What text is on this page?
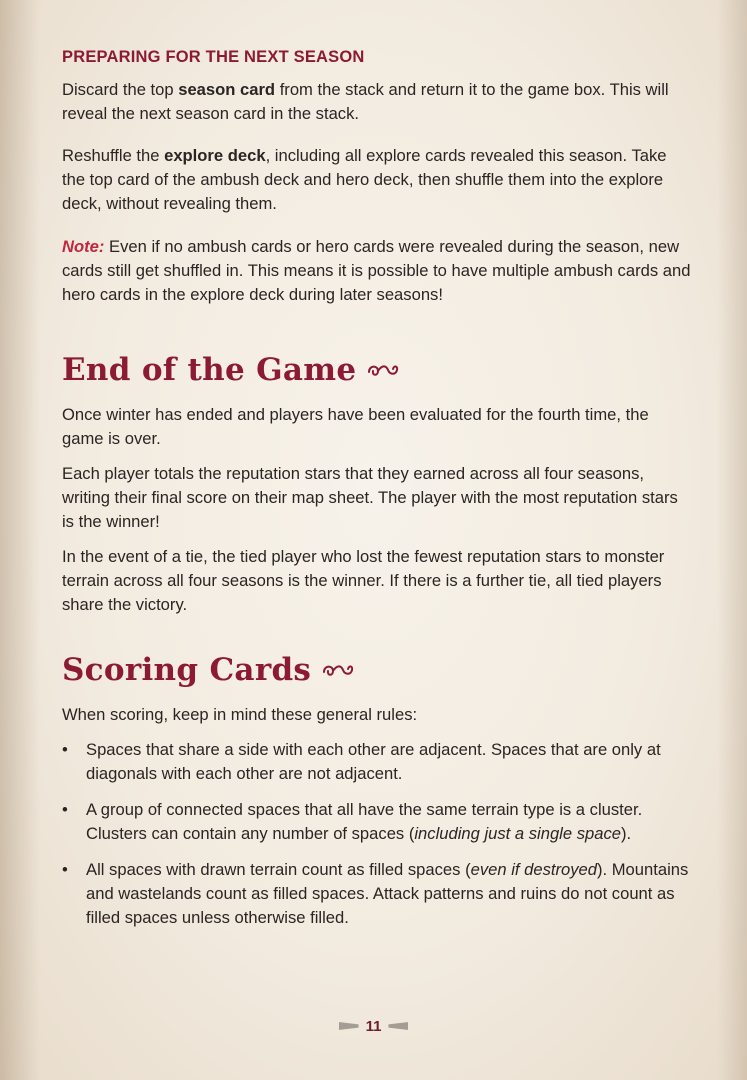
PREPARING FOR THE NEXT SEASON

Discard the top season card from the stack and return it to the game box. This will reveal the next season card in the stack.

Reshuffle the explore deck, including all explore cards revealed this season. Take the top card of the ambush deck and hero deck, then shuffle them into the explore deck, without revealing them.

Note: Even if no ambush cards or hero cards were revealed during the season, new cards still get shuffled in. This means it is possible to have multiple ambush cards and hero cards in the explore deck during later seasons!

End of the Game

Once winter has ended and players have been evaluated for the fourth time, the game is over.

Each player totals the reputation stars that they earned across all four seasons, writing their final score on their map sheet. The player with the most reputation stars is the winner!

In the event of a tie, the tied player who lost the fewest reputation stars to monster terrain across all four seasons is the winner. If there is a further tie, all tied players share the victory.

Scoring Cards

When scoring, keep in mind these general rules:

•	Spaces that share a side with each other are adjacent. Spaces that are only at diagonals with each other are not adjacent.
•	A group of connected spaces that all have the same terrain type is a cluster. Clusters can contain any number of spaces (including just a single space).
•	All spaces with drawn terrain count as filled spaces (even if destroyed). Mountains and wastelands count as filled spaces. Attack patterns and ruins do not count as filled spaces unless otherwise filled.
11
